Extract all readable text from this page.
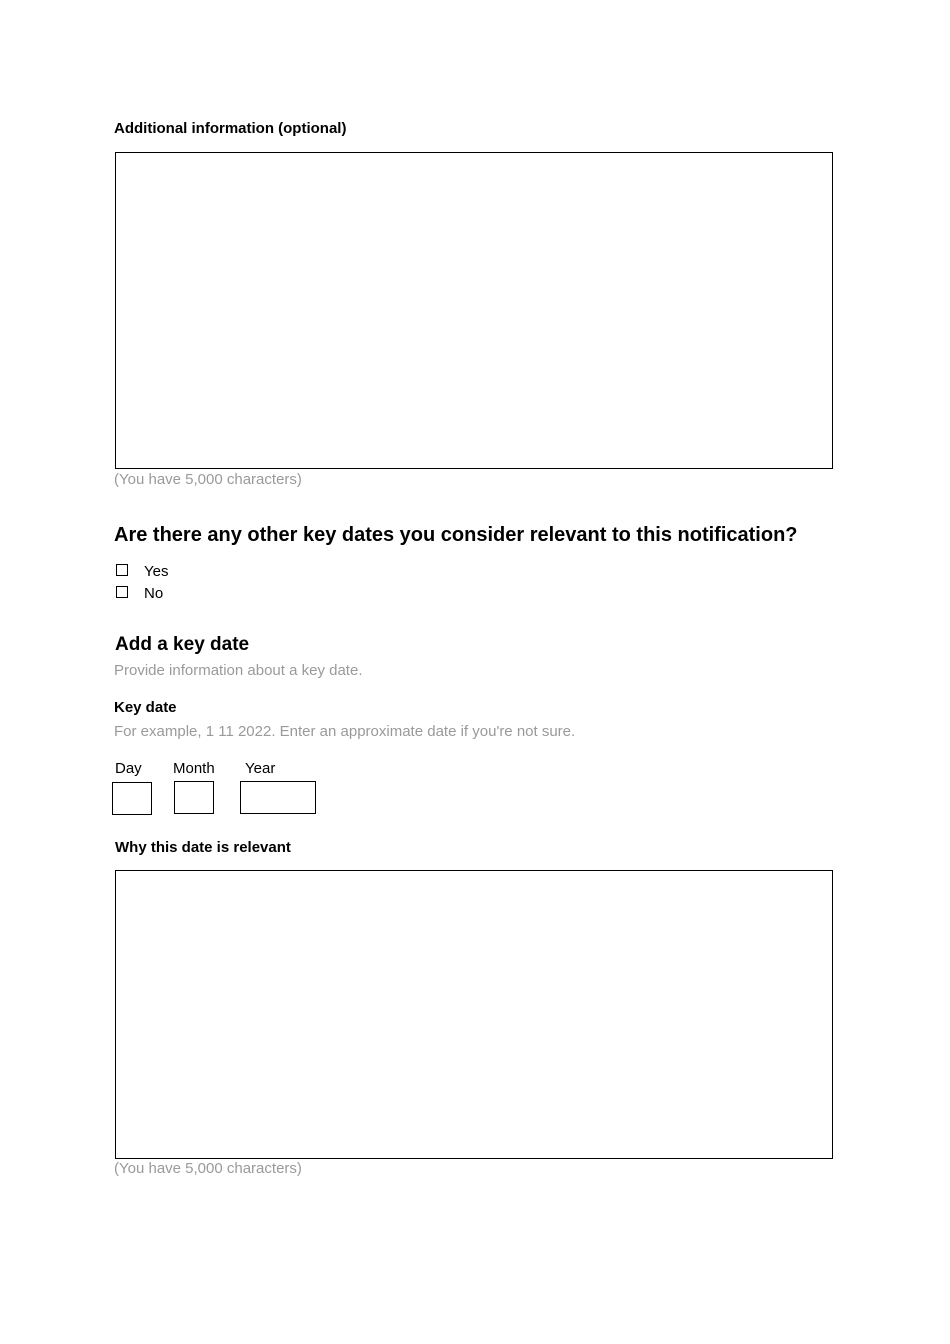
Additional information (optional)
(You have 5,000 characters)
Are there any other key dates you consider relevant to this notification?
Yes
No
Add a key date
Provide information about a key date.
Key date
For example, 1 11 2022. Enter an approximate date if you're not sure.
Day Month Year
Why this date is relevant
(You have 5,000 characters)
